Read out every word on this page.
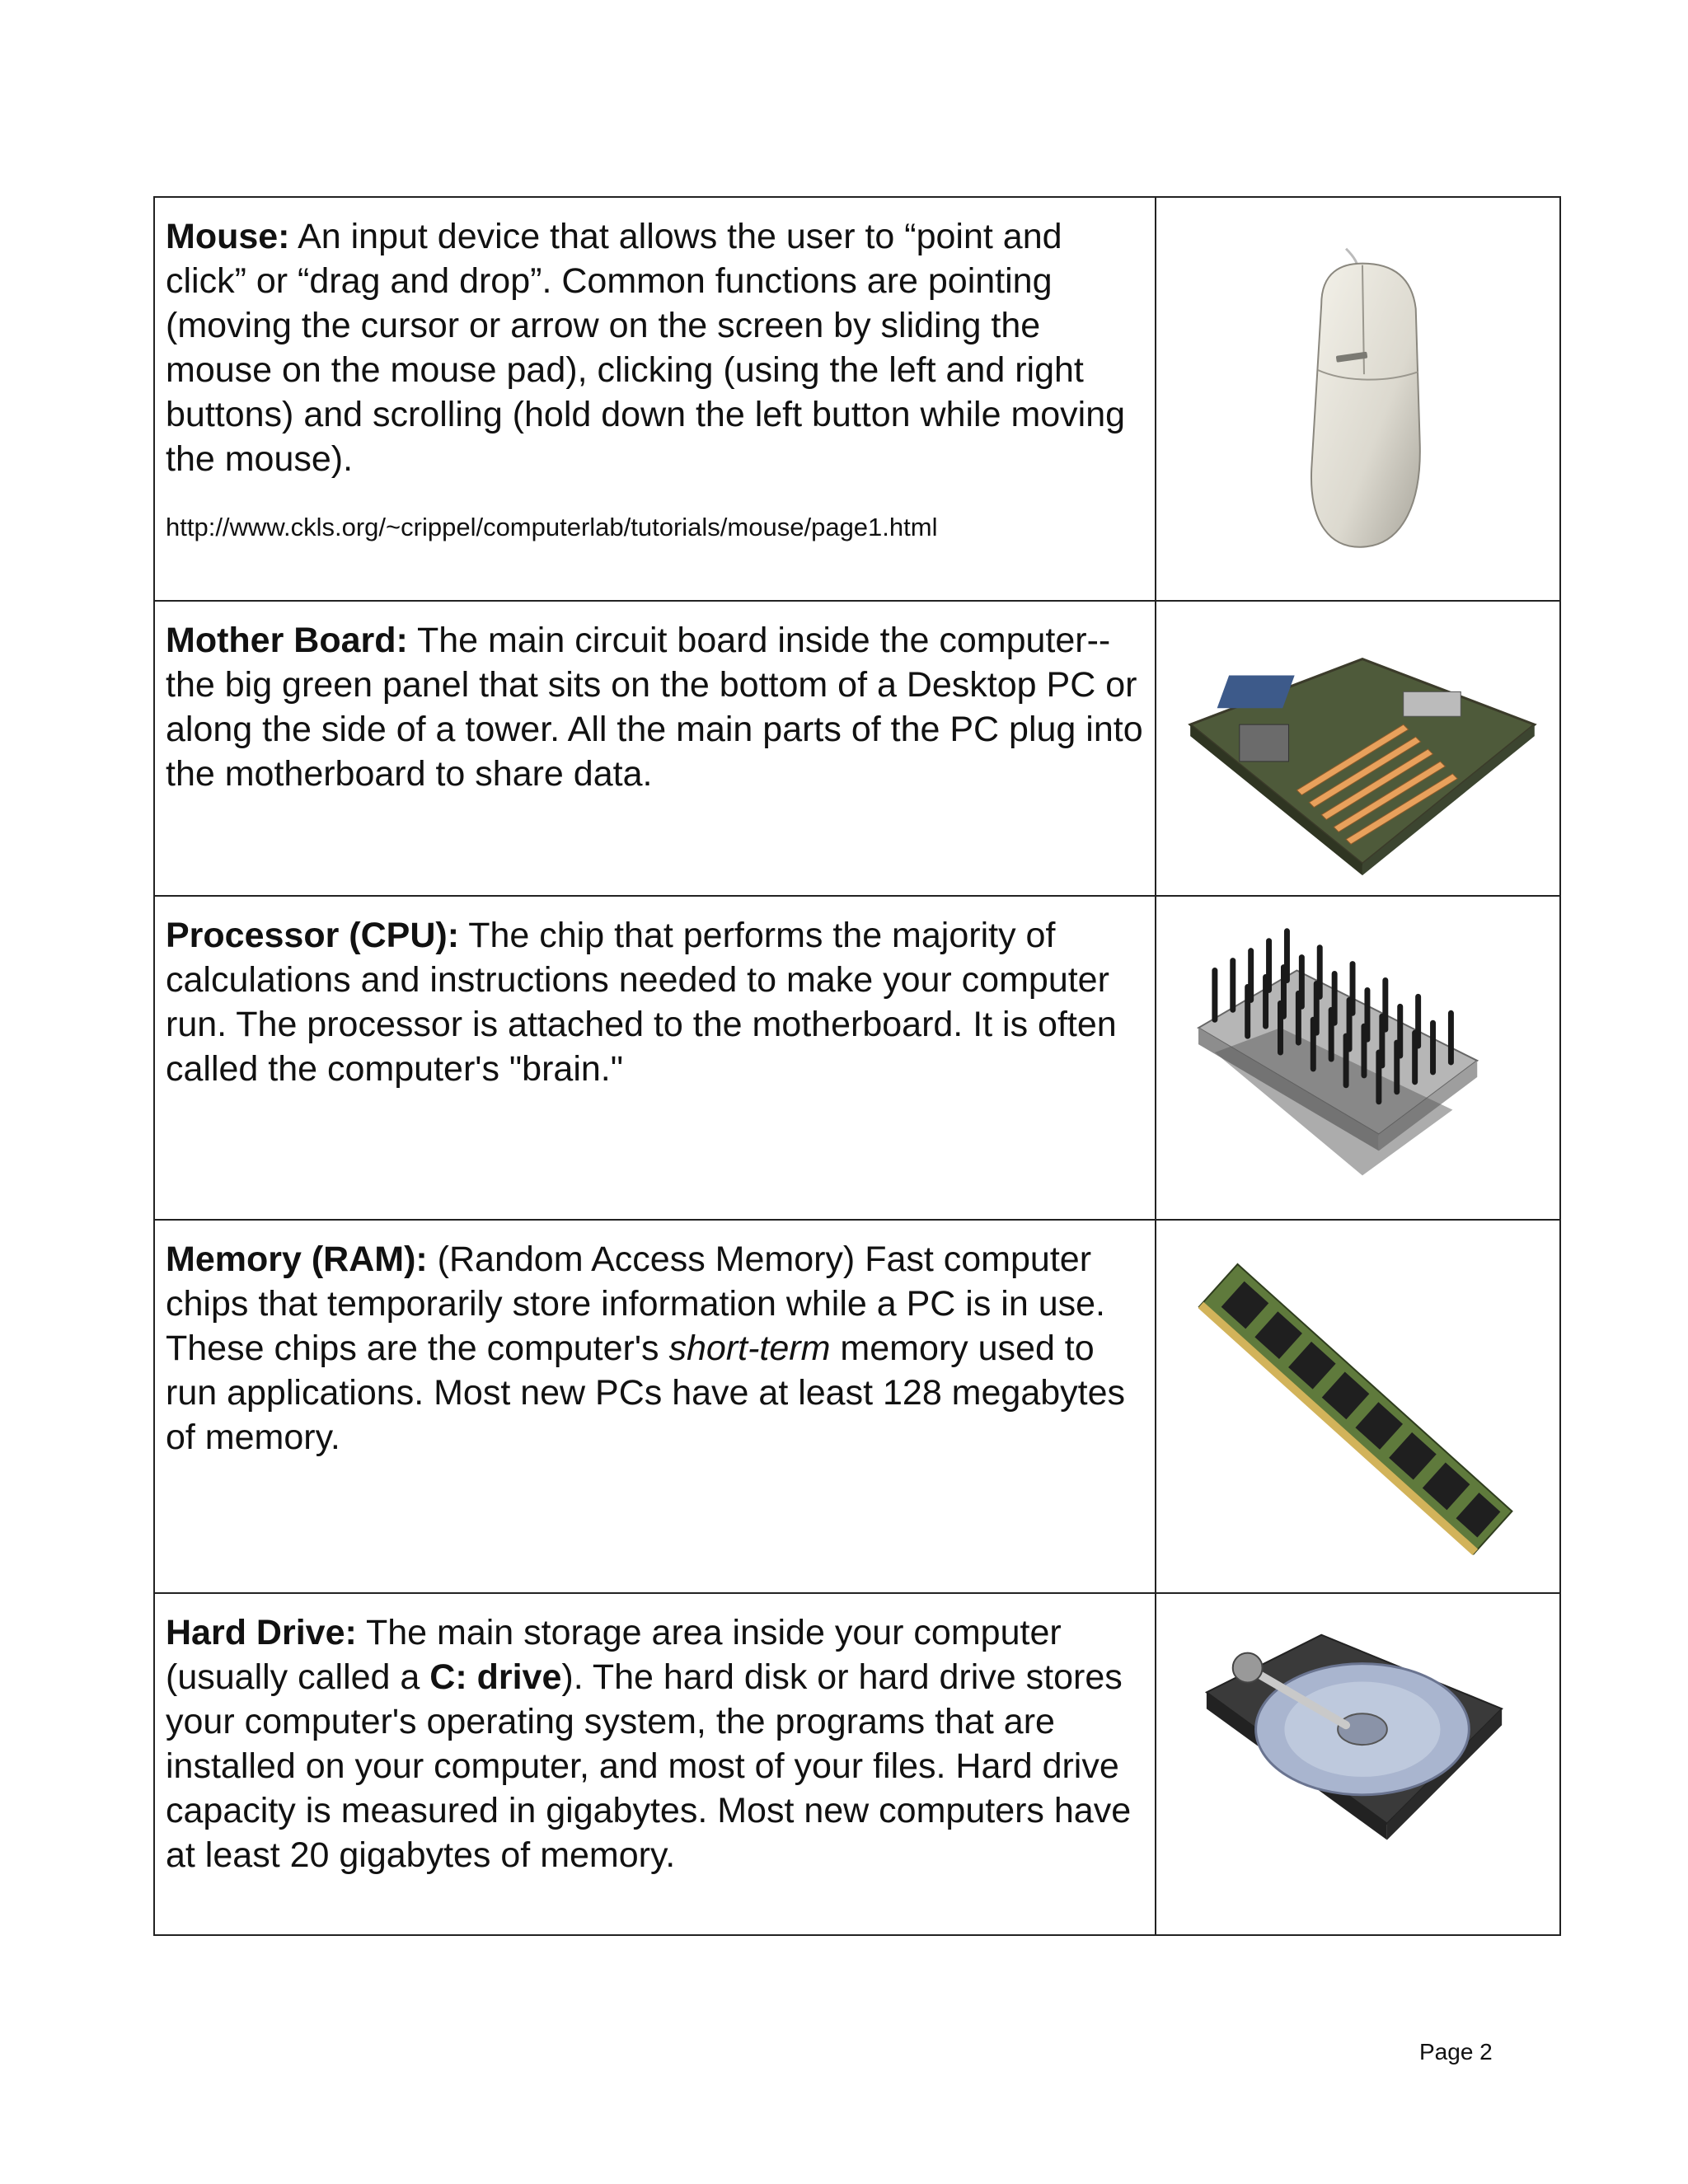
Mouse: An input device that allows the user to “point and click” or “drag and drop”. Common functions are pointing (moving the cursor or arrow on the screen by sliding the mouse on the mouse pad), clicking (using the left and right buttons) and scrolling (hold down the left button while moving the mouse).

http://www.ckls.org/~crippel/computerlab/tutorials/mouse/page1.html

Mother Board: The main circuit board inside the computer--the big green panel that sits on the bottom of a Desktop PC or along the side of a tower. All the main parts of the PC plug into the motherboard to share data.

Processor (CPU): The chip that performs the majority of calculations and instructions needed to make your computer run. The processor is attached to the motherboard. It is often called the computer's "brain."

Memory (RAM): (Random Access Memory) Fast computer chips that temporarily store information while a PC is in use. These chips are the computer's short-term memory used to run applications. Most new PCs have at least 128 megabytes of memory.

Hard Drive: The main storage area inside your computer (usually called a C: drive). The hard disk or hard drive stores your computer's operating system, the programs that are installed on your computer, and most of your files. Hard drive capacity is measured in gigabytes. Most new computers have at least 20 gigabytes of memory.

Page 2
